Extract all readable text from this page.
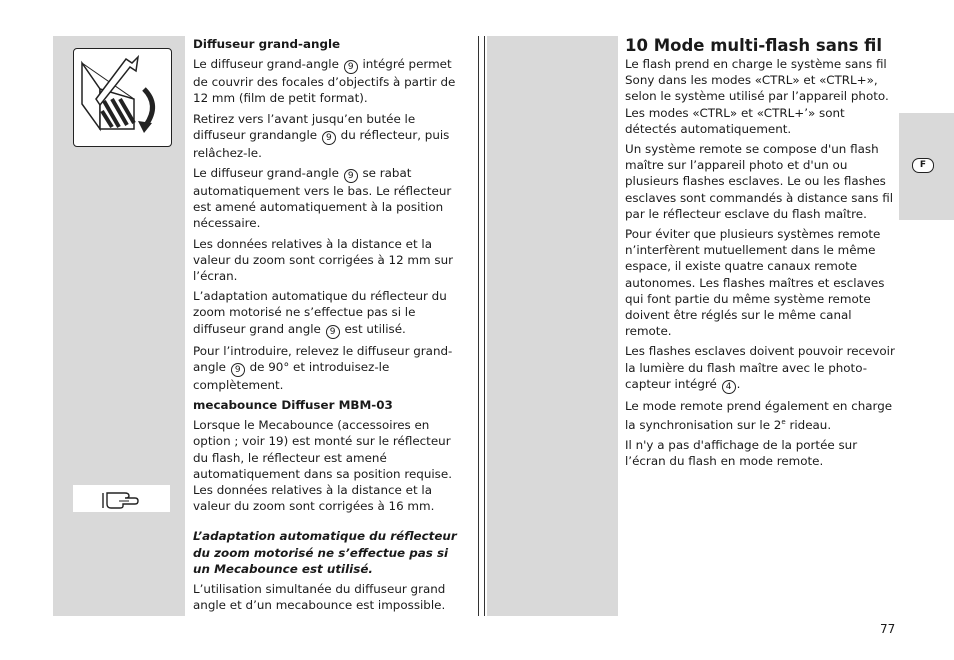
Diffuseur grand-angle

Le diffuseur grand-angle 9 intégré permet de couvrir des focales d’objectifs à partir de 12 mm (film de petit format).

Retirez vers l’avant jusqu’en butée le diffuseur grandangle 9 du réflecteur, puis relâchez-le.

Le diffuseur grand-angle 9 se rabat automatiquement vers le bas. Le réflecteur est amené automatiquement à la position nécessaire.

Les données relatives à la distance et la valeur du zoom sont corrigées à 12 mm sur l’écran.

L’adaptation automatique du réflecteur du zoom motorisé ne s’effectue pas si le diffuseur grand angle 9 est utilisé.

Pour l’introduire, relevez le diffuseur grand-angle 9 de 90° et introduisez-le complètement.

mecabounce Diffuser MBM-03

Lorsque le Mecabounce (accessoires en option ; voir 19) est monté sur le réflecteur du flash, le réflecteur est amené automatiquement dans sa position requise. Les données relatives à la distance et la valeur du zoom sont corrigées à 16 mm.

L’adaptation automatique du réflecteur du zoom motorisé ne s’effectue pas si un Mecabounce est utilisé.

L’utilisation simultanée du diffuseur grand angle et d’un mecabounce est impossible.

10 Mode multi-flash sans fil

Le flash prend en charge le système sans fil Sony dans les modes «CTRL» et «CTRL+», selon le système utilisé par l’appareil photo. Les modes «CTRL» et «CTRL+’» sont détectés automatiquement.

Un système remote se compose d'un flash maître sur l’appareil photo et d'un ou plusieurs flashes esclaves. Le ou les flashes esclaves sont commandés à distance sans fil par le réflecteur esclave du flash maître.

Pour éviter que plusieurs systèmes remote n’interfèrent mutuellement dans le même espace, il existe quatre canaux remote autonomes. Les flashes maîtres et esclaves qui font partie du même système remote doivent être réglés sur le même canal remote.

Les flashes esclaves doivent pouvoir recevoir la lumière du flash maître avec le photo-capteur intégré 4 .

Le mode remote prend également en charge la synchronisation sur le 2e rideau.

Il n'y a pas d'affichage de la portée sur l’écran du flash en mode remote.

F
77
